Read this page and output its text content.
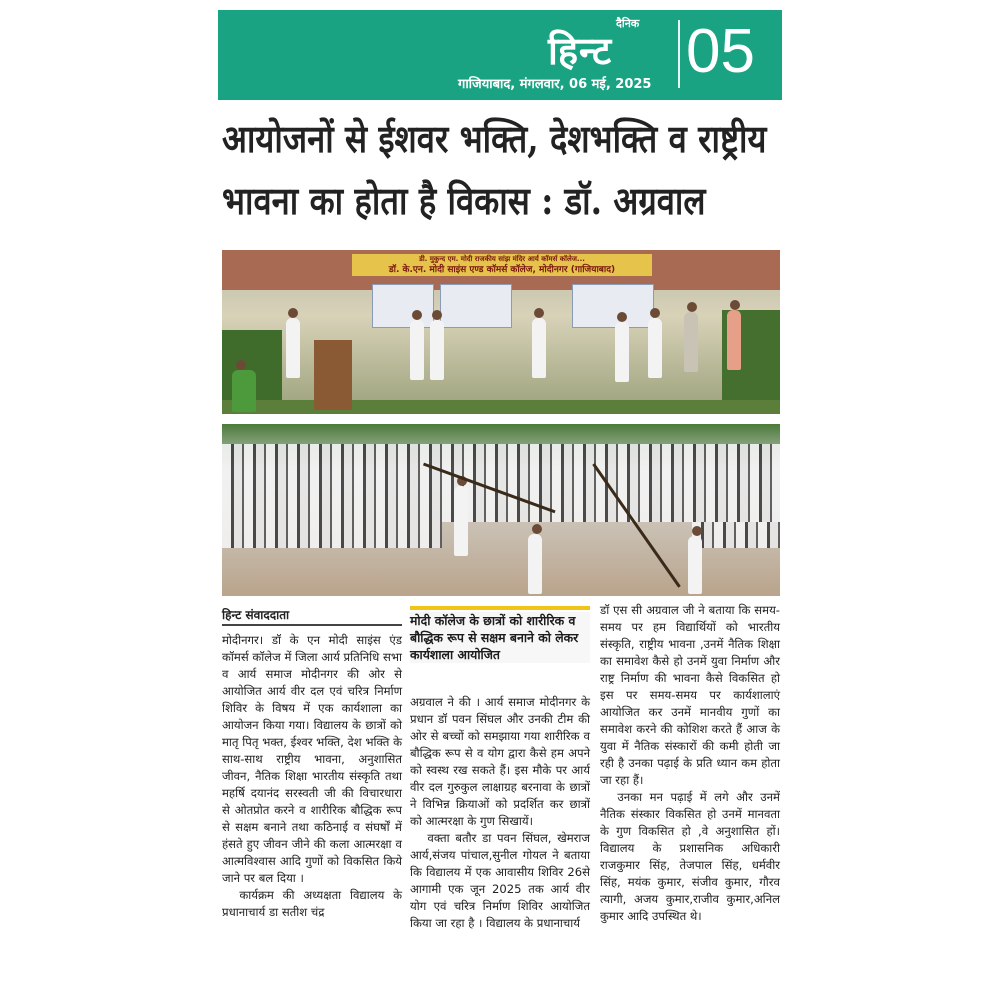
दैनिक
हिन्ट
गाजियाबाद, मंगलवार, 06 मई, 2025 05
आयोजनों से ईशवर भक्ति, देशभक्ति व राष्ट्रीय
भावना का होता है विकास : डॉ. अग्रवाल
डी. मुकुन्द एम. मोदी राजकीय सांझ मंदिर आर्य कॉमर्स कॉलेज...
डॉ. के.एन. मोदी साइंस एण्ड कॉमर्स कॉलेज, मोदीनगर (गाजियाबाद)
हिन्ट संवाददाता
मोदीनगर। डॉ के एन मोदी साइंस एंड कॉमर्स कॉलेज में जिला आर्य प्रतिनिधि सभा व आर्य समाज मोदीनगर की ओर से आयोजित आर्य वीर दल एवं चरित्र निर्माण शिविर के विषय में एक कार्यशाला का आयोजन किया गया। विद्यालय के छात्रों को मातृ पितृ भक्त, ईश्वर भक्ति, देश भक्ति के साथ-साथ राष्ट्रीय भावना, अनुशासित जीवन, नैतिक शिक्षा भारतीय संस्कृति तथा महर्षि दयानंद सरस्वती जी की विचारधारा से ओतप्रोत करने व शारीरिक बौद्धिक रूप से सक्षम बनाने तथा कठिनाई व संघर्षों में हंसते हुए जीवन जीने की कला आत्मरक्षा व आत्मविश्वास आदि गुणों को विकसित किये जाने पर बल दिया ।
कार्यक्रम की अध्यक्षता विद्यालय के प्रधानाचार्य डा सतीश चंद्र
मोदी कॉलेज के छात्रों को शारीरिक व बौद्धिक रूप से सक्षम बनाने को लेकर कार्यशाला आयोजित
अग्रवाल ने की । आर्य समाज मोदीनगर के प्रधान डॉ पवन सिंघल और उनकी टीम की ओर से बच्चों को समझाया गया शारीरिक व बौद्धिक रूप से व योग द्वारा कैसे हम अपने को स्वस्थ रख सकते हैं। इस मौके पर आर्य वीर दल गुरुकुल लाक्षाग्रह बरनावा के छात्रों ने विभिन्न क्रियाओं को प्रदर्शित कर छात्रों को आत्मरक्षा के गुण सिखायें।
वक्ता बतौर डा पवन सिंघल, खेमराज आर्य,संजय पांचाल,सुनील गोयल ने बताया कि विद्यालय में एक आवासीय शिविर 26से आगामी एक जून 2025 तक आर्य वीर योग एवं चरित्र निर्माण शिविर आयोजित किया जा रहा है । विद्यालय के प्रधानाचार्य
डॉ एस सी अग्रवाल जी ने बताया कि समय-समय पर हम विद्यार्थियों को भारतीय संस्कृति, राष्ट्रीय भावना ,उनमें नैतिक शिक्षा का समावेश कैसे हो उनमें युवा निर्माण और राष्ट्र निर्माण की भावना कैसे विकसित हो इस पर समय-समय पर कार्यशालाएं आयोजित कर उनमें मानवीय गुणों का समावेश करने की कोशिश करते हैं आज के युवा में नैतिक संस्कारों की कमी होती जा रही है उनका पढ़ाई के प्रति ध्यान कम होता जा रहा हैं।
उनका मन पढ़ाई में लगे और उनमें नैतिक संस्कार विकसित हो उनमें मानवता के गुण विकसित हो ,वे अनुशासित हों। विद्यालय के प्रशासनिक अधिकारी राजकुमार सिंह, तेजपाल सिंह, धर्मवीर सिंह, मयंक कुमार, संजीव कुमार, गौरव त्यागी, अजय कुमार,राजीव कुमार,अनिल कुमार आदि उपस्थित थे।
